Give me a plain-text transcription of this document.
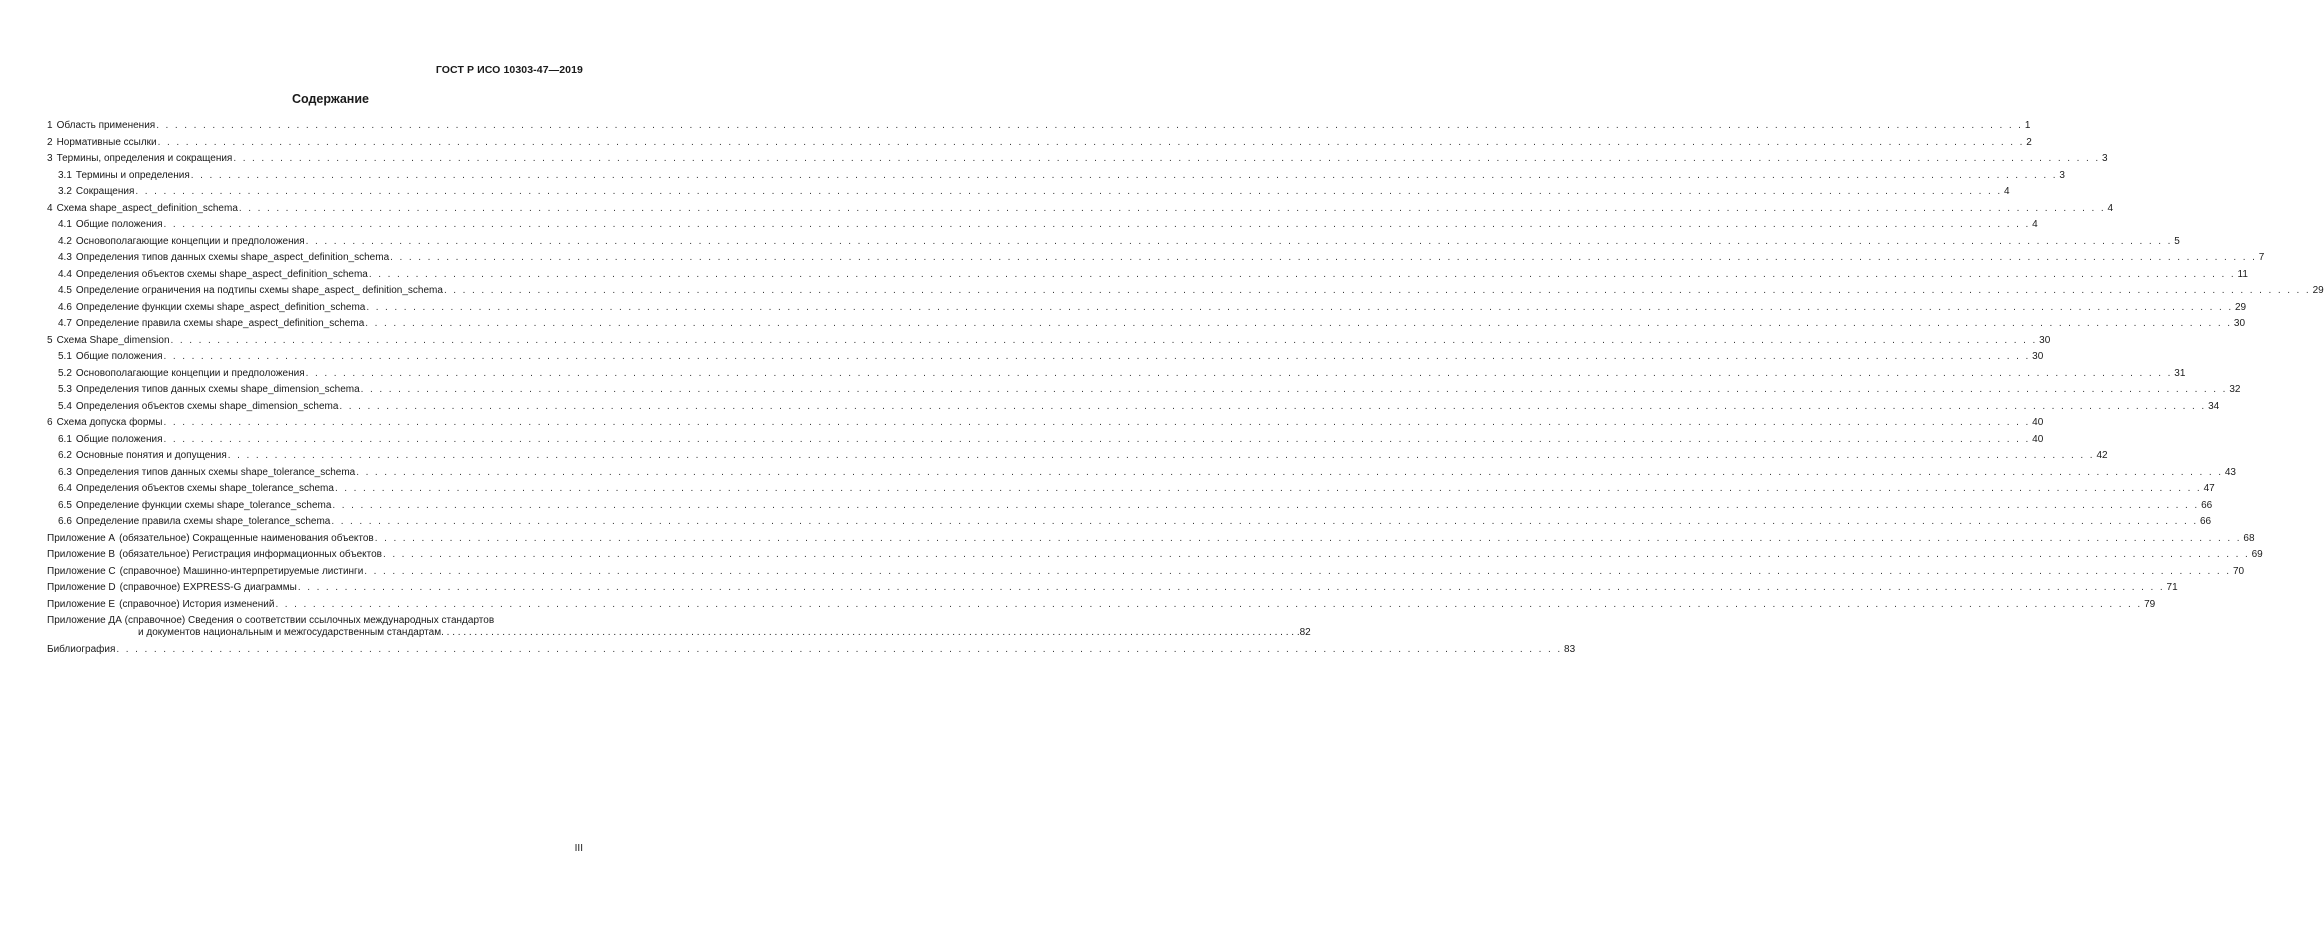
ГОСТ Р ИСО 10303-47—2019
Содержание
1 Область применения . . . . . . . . . . . . . . . . . . . . . . . . . . . . . . . . . . . . . . . . . . . . . . . . . . . . . . . . . . . . . . . . . . . . . . . . . . . . . . . . . . . . . . . . . . . . . . . . . . . . . . . . . . . . . . . . . . . . . . . . . . . . . . . . . . . . . . . . . . . . . . . . . . . . . . . . . . . . . . . . . . . . . . . . . . . . . . . . . . . . . . . . . . . . . . . . . . . . . . . . 1
2 Нормативные ссылки . . . . . . . . . . . . . . . . . . . . . . . . . . . . . . . . . . . . . . . . . . . . . . . . . . . . . . . . . . . . . . . . . . . . . . . . . . . . . . . . . . . . . . . . . . . . . . . . . . . . . . . . . . . . . . . . . . . . . . . . . . . . . . . . . . . . . . . . . . . . . . . . . . . . . . . . . . . . . . . . . . . . . . . . . . . . . . . . . . . . . . . . . . . . . . . . . . . . . . . . 2
3 Термины, определения и сокращения . . . . . . . . . . . . . . . . . . . . . . . . . . . . . . . . . . . . . . . . . . . . . . . . . . . . . . . . . . . . . . . . . . . . . . . . . . . . . . . . . . . . . . . . . . . . . . . . . . . . . . . . . . . . . . . . . . . . . . . . . . . . . . . . . . . . . . . . . . . . . . . . . . . . . . . . . . . . . . . . . . . . . . . . . . . . . . . . . . . . . . . . . . . . . . . . . . . . . . . . 3
3.1 Термины и определения . . . . . . . . . . . . . . . . . . . . . . . . . . . . . . . . . . . . . . . . . . . . . . . . . . . . . . . . . . . . . . . . . . . . . . . . . . . . . . . . . . . . . . . . . . . . . . . . . . . . . . . . . . . . . . . . . . . . . . . . . . . . . . . . . . . . . . . . . . . . . . . . . . . . . . . . . . . . . . . . . . . . . . . . . . . . . . . . . . . . . . . . . . . . . . . . . . . . . . . . 3
3.2 Сокращения . . . . . . . . . . . . . . . . . . . . . . . . . . . . . . . . . . . . . . . . . . . . . . . . . . . . . . . . . . . . . . . . . . . . . . . . . . . . . . . . . . . . . . . . . . . . . . . . . . . . . . . . . . . . . . . . . . . . . . . . . . . . . . . . . . . . . . . . . . . . . . . . . . . . . . . . . . . . . . . . . . . . . . . . . . . . . . . . . . . . . . . . . . . . . . . . . . . . . . . . 4
4 Схема shape_aspect_definition_schema . . . . . . . . . . . . . . . . . . . . . . . . . . . . . . . . . . . . . . . . . . . . . . . . . . . . . . . . . . . . . . . . . . . . . . . . . . . . . . . . . . . . . . . . . . . . . . . . . . . . . . . . . . . . . . . . . . . . . . . . . . . . . . . . . . . . . . . . . . . . . . . . . . . . . . . . . . . . . . . . . . . . . . . . . . . . . . . . . . . . . . . . . . . . . . . . . . . . . . . . 4
4.1 Общие положения . . . . . . . . . . . . . . . . . . . . . . . . . . . . . . . . . . . . . . . . . . . . . . . . . . . . . . . . . . . . . . . . . . . . . . . . . . . . . . . . . . . . . . . . . . . . . . . . . . . . . . . . . . . . . . . . . . . . . . . . . . . . . . . . . . . . . . . . . . . . . . . . . . . . . . . . . . . . . . . . . . . . . . . . . . . . . . . . . . . . . . . . . . . . . . . . . . . . . . . . 4
4.2 Основополагающие концепции и предположения . . . . . . . . . . . . . . . . . . . . . . . . . . . . . . . . . . . . . . . . . . . . . . . . . . . . . . . . . . . . . . . . . . . . . . . . . . . . . . . . . . . . . . . . . . . . . . . . . . . . . . . . . . . . . . . . . . . . . . . . . . . . . . . . . . . . . . . . . . . . . . . . . . . . . . . . . . . . . . . . . . . . . . . . . . . . . . . . . . . . . . . . . . . . . . . . . . . . . . . . 5
4.3 Определения типов данных схемы shape_aspect_definition_schema . . . . . . . . . . . . . . . . . . . . . . . . . . . . . . . . . . . . . . . . . . . . . . . . . . . . . . . . . . . . . . . . . . . . . . . . . . . . . . . . . . . . . . . . . . . . . . . . . . . . . . . . . . . . . . . . . . . . . . . . . . . . . . . . . . . . . . . . . . . . . . . . . . . . . . . . . . . . . . . . . . . . . . . . . . . . . . . . . . . . . . . . . . . . . . . . . . . . . . . . 7
4.4 Определения объектов схемы shape_aspect_definition_schema . . . . . . . . . . . . . . . . . . . . . . . . . . . . . . . . . . . . . . . . . . . . . . . . . . . . . . . . . . . . . . . . . . . . . . . . . . . . . . . . . . . . . . . . . . . . . . . . . . . . . . . . . . . . . . . . . . . . . . . . . . . . . . . . . . . . . . . . . . . . . . . . . . . . . . . . . . . . . . . . . . . . . . . . . . . . . . . . . . . . . . . . . . . . . . . . . . . . . . . . 11
4.5 Определение ограничения на подтипы схемы shape_aspect_ definition_schema . . . . . . . . . . . . . . . . . . . . . . . . . . . . . . . . . . . . . . . . . . . . . . . . . . . . . . . . . . . . . . . . . . . . . . . . . . . . . . . . . . . . . . . . . . . . . . . . . . . . . . . . . . . . . . . . . . . . . . . . . . . . . . . . . . . . . . . . . . . . . . . . . . . . . . . . . . . . . . . . . . . . . . . . . . . . . . . . . . . . . . . . . . . . . . . . . . . . . . . . 29
4.6 Определение функции схемы shape_aspect_definition_schema . . . . . . . . . . . . . . . . . . . . . . . . . . . . . . . . . . . . . . . . . . . . . . . . . . . . . . . . . . . . . . . . . . . . . . . . . . . . . . . . . . . . . . . . . . . . . . . . . . . . . . . . . . . . . . . . . . . . . . . . . . . . . . . . . . . . . . . . . . . . . . . . . . . . . . . . . . . . . . . . . . . . . . . . . . . . . . . . . . . . . . . . . . . . . . . . . . . . . . . . 29
4.7 Определение правила схемы shape_aspect_definition_schema . . . . . . . . . . . . . . . . . . . . . . . . . . . . . . . . . . . . . . . . . . . . . . . . . . . . . . . . . . . . . . . . . . . . . . . . . . . . . . . . . . . . . . . . . . . . . . . . . . . . . . . . . . . . . . . . . . . . . . . . . . . . . . . . . . . . . . . . . . . . . . . . . . . . . . . . . . . . . . . . . . . . . . . . . . . . . . . . . . . . . . . . . . . . . . . . . . . . . . . . 30
5 Схема Shape_dimension . . . . . . . . . . . . . . . . . . . . . . . . . . . . . . . . . . . . . . . . . . . . . . . . . . . . . . . . . . . . . . . . . . . . . . . . . . . . . . . . . . . . . . . . . . . . . . . . . . . . . . . . . . . . . . . . . . . . . . . . . . . . . . . . . . . . . . . . . . . . . . . . . . . . . . . . . . . . . . . . . . . . . . . . . . . . . . . . . . . . . . . . . . . . . . . . . . . . . . . . 30
5.1 Общие положения . . . . . . . . . . . . . . . . . . . . . . . . . . . . . . . . . . . . . . . . . . . . . . . . . . . . . . . . . . . . . . . . . . . . . . . . . . . . . . . . . . . . . . . . . . . . . . . . . . . . . . . . . . . . . . . . . . . . . . . . . . . . . . . . . . . . . . . . . . . . . . . . . . . . . . . . . . . . . . . . . . . . . . . . . . . . . . . . . . . . . . . . . . . . . . . . . . . . . . . . 30
5.2 Основополагающие концепции и предположения . . . . . . . . . . . . . . . . . . . . . . . . . . . . . . . . . . . . . . . . . . . . . . . . . . . . . . . . . . . . . . . . . . . . . . . . . . . . . . . . . . . . . . . . . . . . . . . . . . . . . . . . . . . . . . . . . . . . . . . . . . . . . . . . . . . . . . . . . . . . . . . . . . . . . . . . . . . . . . . . . . . . . . . . . . . . . . . . . . . . . . . . . . . . . . . . . . . . . . . . 31
5.3 Определения типов данных схемы shape_dimension_schema . . . . . . . . . . . . . . . . . . . . . . . . . . . . . . . . . . . . . . . . . . . . . . . . . . . . . . . . . . . . . . . . . . . . . . . . . . . . . . . . . . . . . . . . . . . . . . . . . . . . . . . . . . . . . . . . . . . . . . . . . . . . . . . . . . . . . . . . . . . . . . . . . . . . . . . . . . . . . . . . . . . . . . . . . . . . . . . . . . . . . . . . . . . . . . . . . . . . . . . . 32
5.4 Определения объектов схемы shape_dimension_schema . . . . . . . . . . . . . . . . . . . . . . . . . . . . . . . . . . . . . . . . . . . . . . . . . . . . . . . . . . . . . . . . . . . . . . . . . . . . . . . . . . . . . . . . . . . . . . . . . . . . . . . . . . . . . . . . . . . . . . . . . . . . . . . . . . . . . . . . . . . . . . . . . . . . . . . . . . . . . . . . . . . . . . . . . . . . . . . . . . . . . . . . . . . . . . . . . . . . . . . . 34
6 Схема допуска формы . . . . . . . . . . . . . . . . . . . . . . . . . . . . . . . . . . . . . . . . . . . . . . . . . . . . . . . . . . . . . . . . . . . . . . . . . . . . . . . . . . . . . . . . . . . . . . . . . . . . . . . . . . . . . . . . . . . . . . . . . . . . . . . . . . . . . . . . . . . . . . . . . . . . . . . . . . . . . . . . . . . . . . . . . . . . . . . . . . . . . . . . . . . . . . . . . . . . . . . . 40
6.1 Общие положения . . . . . . . . . . . . . . . . . . . . . . . . . . . . . . . . . . . . . . . . . . . . . . . . . . . . . . . . . . . . . . . . . . . . . . . . . . . . . . . . . . . . . . . . . . . . . . . . . . . . . . . . . . . . . . . . . . . . . . . . . . . . . . . . . . . . . . . . . . . . . . . . . . . . . . . . . . . . . . . . . . . . . . . . . . . . . . . . . . . . . . . . . . . . . . . . . . . . . . . . 40
6.2 Основные понятия и допущения . . . . . . . . . . . . . . . . . . . . . . . . . . . . . . . . . . . . . . . . . . . . . . . . . . . . . . . . . . . . . . . . . . . . . . . . . . . . . . . . . . . . . . . . . . . . . . . . . . . . . . . . . . . . . . . . . . . . . . . . . . . . . . . . . . . . . . . . . . . . . . . . . . . . . . . . . . . . . . . . . . . . . . . . . . . . . . . . . . . . . . . . . . . . . . . . . . . . . . . . 42
6.3 Определения типов данных схемы shape_tolerance_schema . . . . . . . . . . . . . . . . . . . . . . . . . . . . . . . . . . . . . . . . . . . . . . . . . . . . . . . . . . . . . . . . . . . . . . . . . . . . . . . . . . . . . . . . . . . . . . . . . . . . . . . . . . . . . . . . . . . . . . . . . . . . . . . . . . . . . . . . . . . . . . . . . . . . . . . . . . . . . . . . . . . . . . . . . . . . . . . . . . . . . . . . . . . . . . . . . . . . . . . . 43
6.4 Определения объектов схемы shape_tolerance_schema . . . . . . . . . . . . . . . . . . . . . . . . . . . . . . . . . . . . . . . . . . . . . . . . . . . . . . . . . . . . . . . . . . . . . . . . . . . . . . . . . . . . . . . . . . . . . . . . . . . . . . . . . . . . . . . . . . . . . . . . . . . . . . . . . . . . . . . . . . . . . . . . . . . . . . . . . . . . . . . . . . . . . . . . . . . . . . . . . . . . . . . . . . . . . . . . . . . . . . . . 47
6.5 Определение функции схемы shape_tolerance_schema . . . . . . . . . . . . . . . . . . . . . . . . . . . . . . . . . . . . . . . . . . . . . . . . . . . . . . . . . . . . . . . . . . . . . . . . . . . . . . . . . . . . . . . . . . . . . . . . . . . . . . . . . . . . . . . . . . . . . . . . . . . . . . . . . . . . . . . . . . . . . . . . . . . . . . . . . . . . . . . . . . . . . . . . . . . . . . . . . . . . . . . . . . . . . . . . . . . . . . . . 66
6.6 Определение правила схемы shape_tolerance_schema . . . . . . . . . . . . . . . . . . . . . . . . . . . . . . . . . . . . . . . . . . . . . . . . . . . . . . . . . . . . . . . . . . . . . . . . . . . . . . . . . . . . . . . . . . . . . . . . . . . . . . . . . . . . . . . . . . . . . . . . . . . . . . . . . . . . . . . . . . . . . . . . . . . . . . . . . . . . . . . . . . . . . . . . . . . . . . . . . . . . . . . . . . . . . . . . . . . . . . . . 66
Приложение А (обязательное) Сокращенные наименования объектов . . . . . . . . . . . . . . . . . . . . . . . . . . . . . . . . . . . . . . . . . . . . . . . . . . . . . . . . . . . . . . . . . . . . . . . . . . . . . . . . . . . . . . . . . . . . . . . . . . . . . . . . . . . . . . . . . . . . . . . . . . . . . . . . . . . . . . . . . . . . . . . . . . . . . . . . . . . . . . . . . . . . . . . . . . . . . . . . . . . . . . . . . . . . . . . . . . . . . . . . 68
Приложение В (обязательное) Регистрация информационных объектов . . . . . . . . . . . . . . . . . . . . . . . . . . . . . . . . . . . . . . . . . . . . . . . . . . . . . . . . . . . . . . . . . . . . . . . . . . . . . . . . . . . . . . . . . . . . . . . . . . . . . . . . . . . . . . . . . . . . . . . . . . . . . . . . . . . . . . . . . . . . . . . . . . . . . . . . . . . . . . . . . . . . . . . . . . . . . . . . . . . . . . . . . . . . . . . . . . . . . . . . 69
Приложение С (справочное) Машинно-интерпретируемые листинги . . . . . . . . . . . . . . . . . . . . . . . . . . . . . . . . . . . . . . . . . . . . . . . . . . . . . . . . . . . . . . . . . . . . . . . . . . . . . . . . . . . . . . . . . . . . . . . . . . . . . . . . . . . . . . . . . . . . . . . . . . . . . . . . . . . . . . . . . . . . . . . . . . . . . . . . . . . . . . . . . . . . . . . . . . . . . . . . . . . . . . . . . . . . . . . . . . . . . . . . 70
Приложение D (справочное) EXPRESS-G диаграммы . . . . . . . . . . . . . . . . . . . . . . . . . . . . . . . . . . . . . . . . . . . . . . . . . . . . . . . . . . . . . . . . . . . . . . . . . . . . . . . . . . . . . . . . . . . . . . . . . . . . . . . . . . . . . . . . . . . . . . . . . . . . . . . . . . . . . . . . . . . . . . . . . . . . . . . . . . . . . . . . . . . . . . . . . . . . . . . . . . . . . . . . . . . . . . . . . . . . . . . . 71
Приложение Е (справочное) История изменений . . . . . . . . . . . . . . . . . . . . . . . . . . . . . . . . . . . . . . . . . . . . . . . . . . . . . . . . . . . . . . . . . . . . . . . . . . . . . . . . . . . . . . . . . . . . . . . . . . . . . . . . . . . . . . . . . . . . . . . . . . . . . . . . . . . . . . . . . . . . . . . . . . . . . . . . . . . . . . . . . . . . . . . . . . . . . . . . . . . . . . . . . . . . . . . . . . . . . . . . 79
Приложение ДА (справочное) Сведения о соответствии ссылочных международных стандартов
и документов национальным и межгосударственным стандартам . . . . . . . . . . . . . . . . . . . . . . . . . . . . . . . . . . . . . . . . . . . . . . . . . . . . . . . . . . . . . . . . . . . . . . . . . . . . . . . . . . . . . . . . . . . . . . . . . . . . . . . . . . . . . . . . . . . . . . . . . . . . . . . . . . . . . . . . . . . . . . . . . . . . . . . . . . . 82
Библиография . . . . . . . . . . . . . . . . . . . . . . . . . . . . . . . . . . . . . . . . . . . . . . . . . . . . . . . . . . . . . . . . . . . . . . . . . . . . . . . . . . . . . . . . . . . . . . . . . . . . . . . . . . . . . . . . . . . . . . . . . . . . . . . . . . . . . . . . . . . . . . . . . . . . . . . . . . . 83
III
